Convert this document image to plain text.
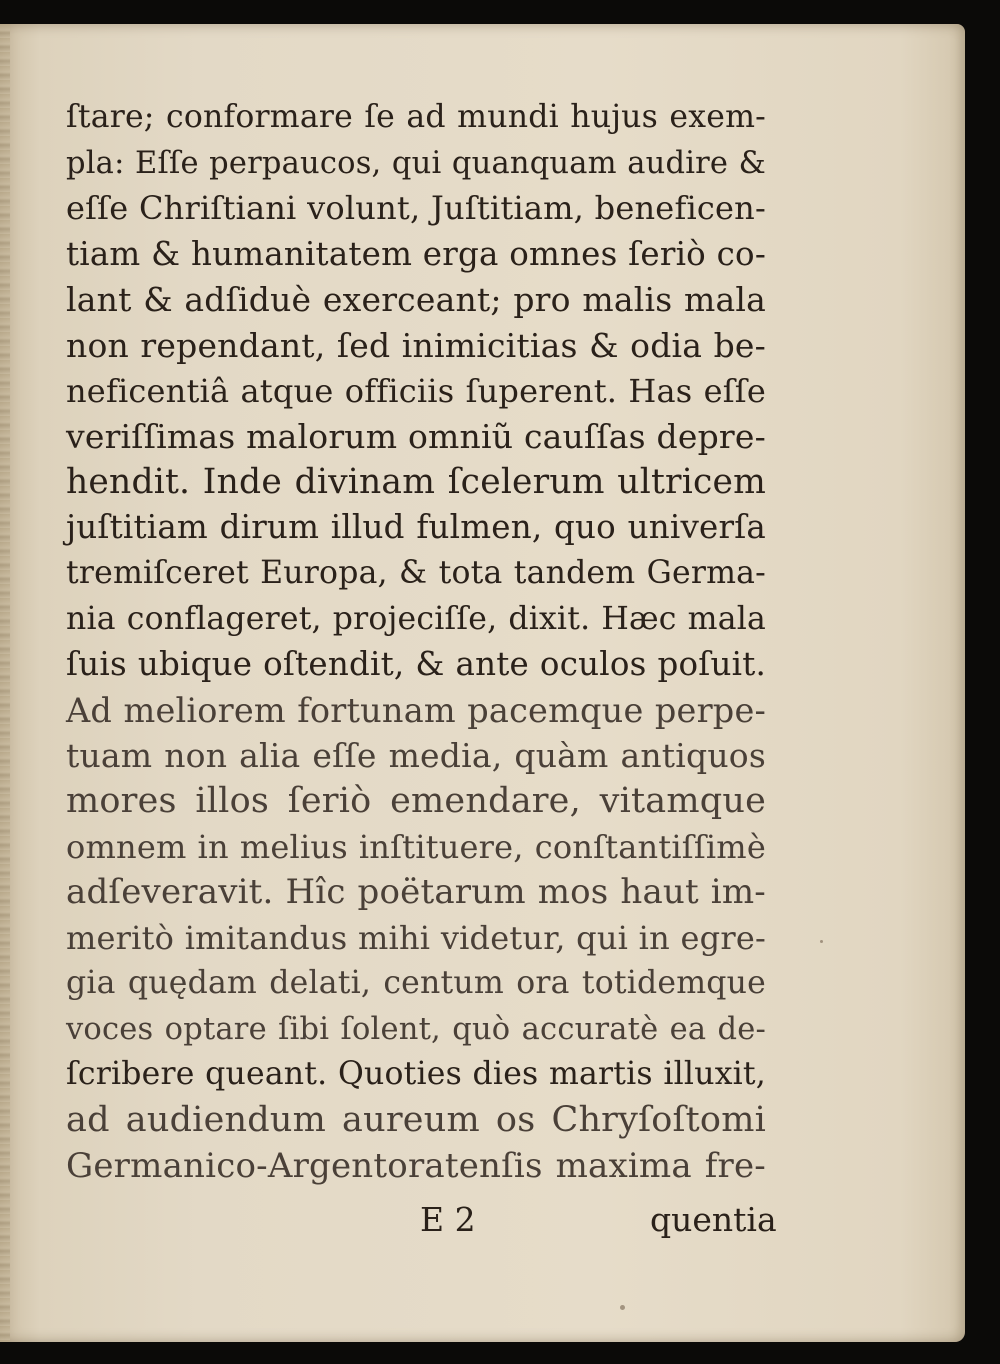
ſtare; conformare ſe ad mundi hujus exem-
pla: Eſſe perpaucos, qui quanquam audire &
eſſe Chriſtiani volunt, Juſtitiam, beneficen-
tiam & humanitatem erga omnes ſeriò co-
lant & adſiduè exerceant; pro malis mala
non rependant, ſed inimicitias & odia be-
neficentiâ atque officiis ſuperent. Has eſſe
veriſſimas malorum omniũ cauſſas depre-
hendit. Inde divinam ſcelerum ultricem
juſtitiam dirum illud fulmen, quo univerſa
tremiſceret Europa, & tota tandem Germa-
nia conflageret, projeciſſe, dixit. Hæc mala
ſuis ubique oſtendit, & ante oculos poſuit.
Ad meliorem fortunam pacemque perpe-
tuam non alia eſſe media, quàm antiquos
mores illos ſeriò emendare, vitamque
omnem in melius inſtituere, conſtantiſſimè
adſeveravit. Hîc poëtarum mos haut im-
meritò imitandus mihi videtur, qui in egre-
gia quędam delati, centum ora totidemque
voces optare ſibi ſolent, quò accuratè ea de-
ſcribere queant. Quoties dies martis illuxit,
ad audiendum aureum os Chryſoſtomi
Germanico-Argentoratenſis maxima fre-
E 2	quentia
